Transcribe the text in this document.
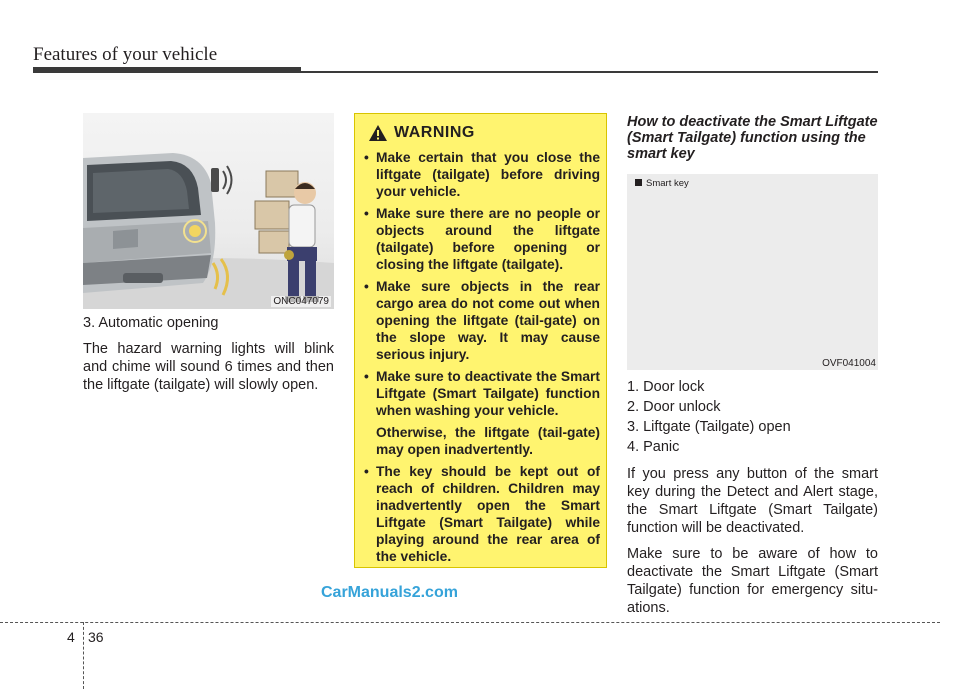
Features of your vehicle
ONC047079

3. Automatic opening

The hazard warning lights will blink and chime will sound 6 times and then the liftgate (tailgate) will slowly open.

WARNING
• Make certain that you close the liftgate (tailgate) before driving your vehicle.
• Make sure there are no people or objects around the liftgate (tailgate) before opening or closing the liftgate (tailgate).
• Make sure objects in the rear cargo area do not come out when opening the liftgate (tail-gate) on the slope way. It may cause serious injury.
• Make sure to deactivate the Smart Liftgate (Smart Tailgate) function when washing your vehicle.
Otherwise, the liftgate (tail-gate) may open inadvertently.
• The key should be kept out of reach of children. Children may inadvertently open the Smart Liftgate (Smart Tailgate) while playing around the rear area of the vehicle.
How to deactivate the Smart Liftgate (Smart Tailgate) function using the smart key
Smart key
OVF041004
1. Door lock
2. Door unlock
3. Liftgate (Tailgate) open
4. Panic

If you press any button of the smart key during the Detect and Alert stage, the Smart Liftgate (Smart Tailgate) function will be deactivated.

Make sure to be aware of how to deactivate the Smart Liftgate (Smart Tailgate) function for emergency situ-ations.

CarManuals2.com
4 36
